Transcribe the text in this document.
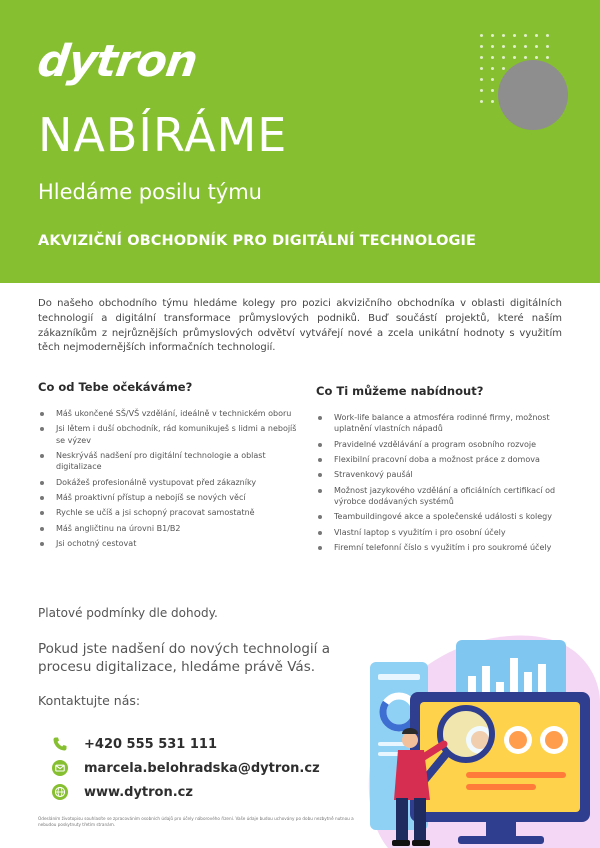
dytron
NABÍRÁME
Hledáme posilu týmu
AKVIZIČNÍ OBCHODNÍK PRO DIGITÁLNÍ TECHNOLOGIE

Do našeho obchodního týmu hledáme kolegy pro pozici akvizičního obchodníka v oblasti digitálních technologií a digitální transformace průmyslových podniků. Buď součástí projektů, které naším zákazníkům z nejrůznějších průmyslových odvětví vytvářejí nové a zcela unikátní hodnoty s využitím těch nejmodernějších informačních technologií.

Co od Tebe očekáváme?
Máš ukončené SŠ/VŠ vzdělání, ideálně v technickém oboru
Jsi lětem i duší obchodník, rád komunikuješ s lidmi a nebojíš se výzev
Neskrýváš nadšení pro digitální technologie a oblast digitalizace
Dokážeš profesionálně vystupovat před zákazníky
Máš proaktivní přístup a nebojíš se nových věcí
Rychle se učíš a jsi schopný pracovat samostatně
Máš angličtinu na úrovni B1/B2
Jsi ochotný cestovat
Co Ti můžeme nabídnout?
Work-life balance a atmosféra rodinné firmy, možnost uplatnění vlastních nápadů
Pravidelné vzdělávání a program osobního rozvoje
Flexibilní pracovní doba a možnost práce z domova
Stravenkový paušál
Možnost jazykového vzdělání a oficiálních certifikací od výrobce dodávaných systémů
Teambuildingové akce a společenské události s kolegy
Vlastní laptop s využitím i pro osobní účely
Firemní telefonní číslo s využitím i pro soukromé účely

Platové podmínky dle dohody.

Pokud jste nadšení do nových technologií a procesu digitalizace, hledáme právě Vás.

Kontaktujte nás:

+420 555 531 111
marcela.belohradska@dytron.cz
www.dytron.cz

Odesláním životopisu souhlasíte se zpracováním osobních údajů pro účely náborového řízení. Vaše údaje budou uchovány po dobu nezbytně nutnou a nebudou poskytnuty třetím stranám.
